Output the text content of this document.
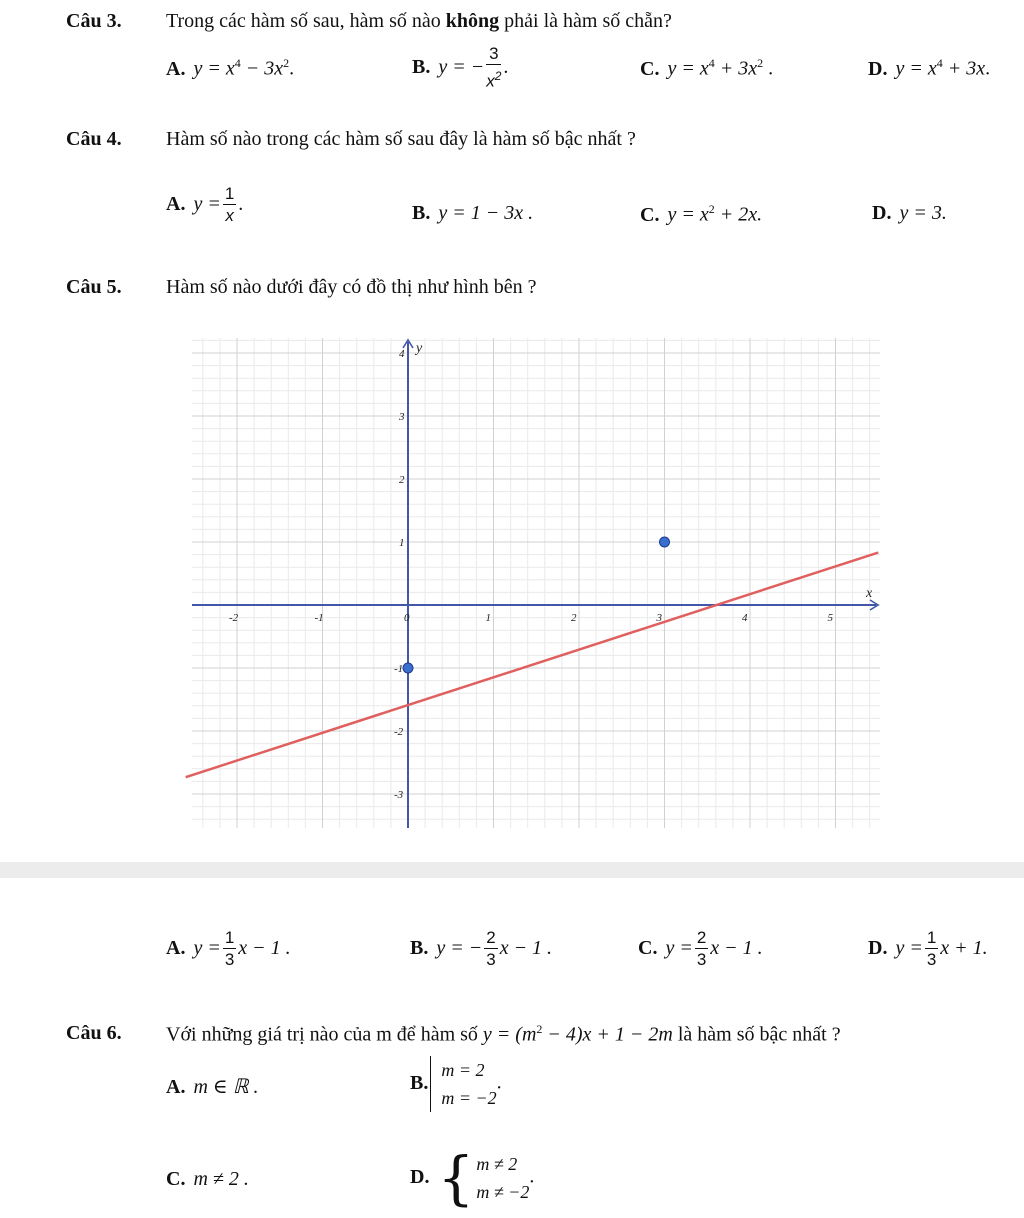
Câu 3. Trong các hàm số sau, hàm số nào không phải là hàm số chẵn?
A. $y = x^4 - 3x^2$.	B. y = − $\frac{3}{x^2}$ .	C. $y = x^4 + 3x^2$ .	D. $y = x^4 + 3x$.
Câu 4. Hàm số nào trong các hàm số sau đây là hàm số bậc nhất ?
A. $y = \frac{1}{x}$ .	B. y = 1 − 3x .	C. $y = x^2 + 2x$.	D. y = 3.
Câu 5. Hàm số nào dưới đây có đồ thị như hình bên ?
-2	-1	0	1	2	3	4	5
4
3
2
1
-1
-2
-3
x
y
A. $y = \frac{1}{3}$ x − 1 .	B. y = − $\frac{2}{3}$ x − 1 .	C. $y = \frac{2}{3}$ x − 1 .	D. $y = \frac{1}{3}$ x + 1.
Câu 6. Với những giá trị nào của m để hàm số $y = (m^2 - 4)x + 1 - 2m$ là hàm số bậc nhất ?
A. m ∈ ℝ .	B.
m = 2
m = −2
.
C. m ≠ 2 .	D. { m ≠ 2
m ≠ −2
.
